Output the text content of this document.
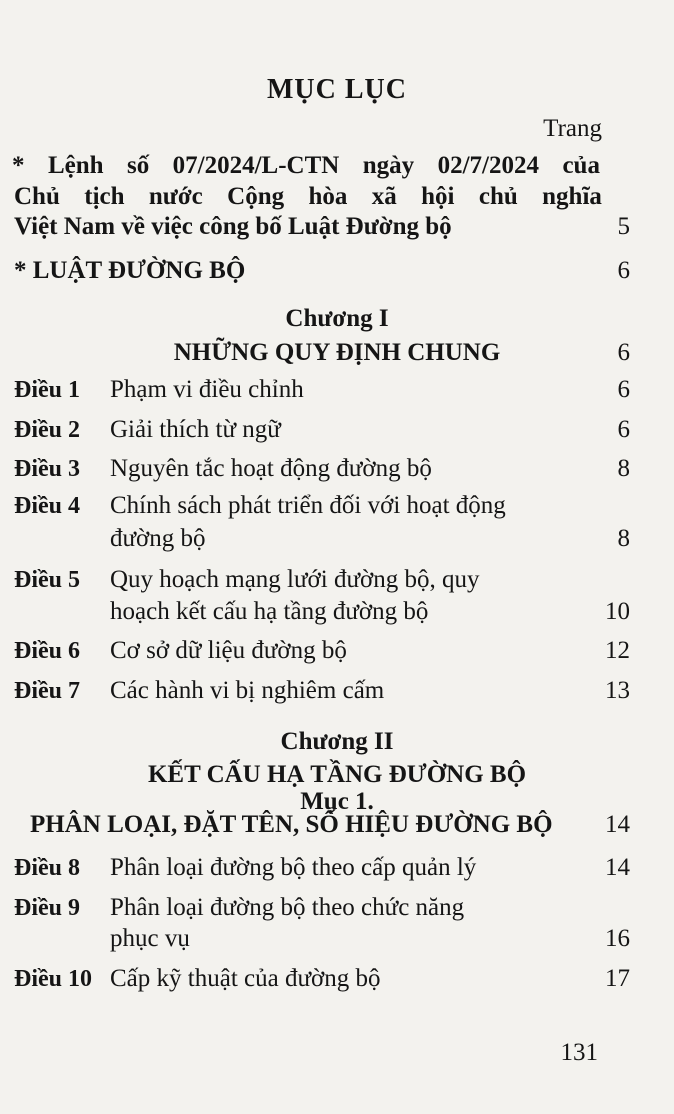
MỤC LỤC
Trang
* Lệnh số 07/2024/L-CTN ngày 02/7/2024 của
Chủ tịch nước Cộng hòa xã hội chủ nghĩa
Việt Nam về việc công bố Luật Đường bộ	5
* LUẬT ĐƯỜNG BỘ	6
Chương I
NHỮNG QUY ĐỊNH CHUNG	6
Điều 1 Phạm vi điều chỉnh	6
Điều 2 Giải thích từ ngữ	6
Điều 3 Nguyên tắc hoạt động đường bộ	8
Điều 4 Chính sách phát triển đối với hoạt động
đường bộ	8
Điều 5 Quy hoạch mạng lưới đường bộ, quy
hoạch kết cấu hạ tầng đường bộ	10
Điều 6 Cơ sở dữ liệu đường bộ	12
Điều 7 Các hành vi bị nghiêm cấm	13
Chương II
KẾT CẤU HẠ TẦNG ĐƯỜNG BỘ
Mục 1.
PHÂN LOẠI, ĐẶT TÊN, SỐ HIỆU ĐƯỜNG BỘ 14
Điều 8 Phân loại đường bộ theo cấp quản lý	14
Điều 9 Phân loại đường bộ theo chức năng
phục vụ	16
Điều 10 Cấp kỹ thuật của đường bộ	17
131
